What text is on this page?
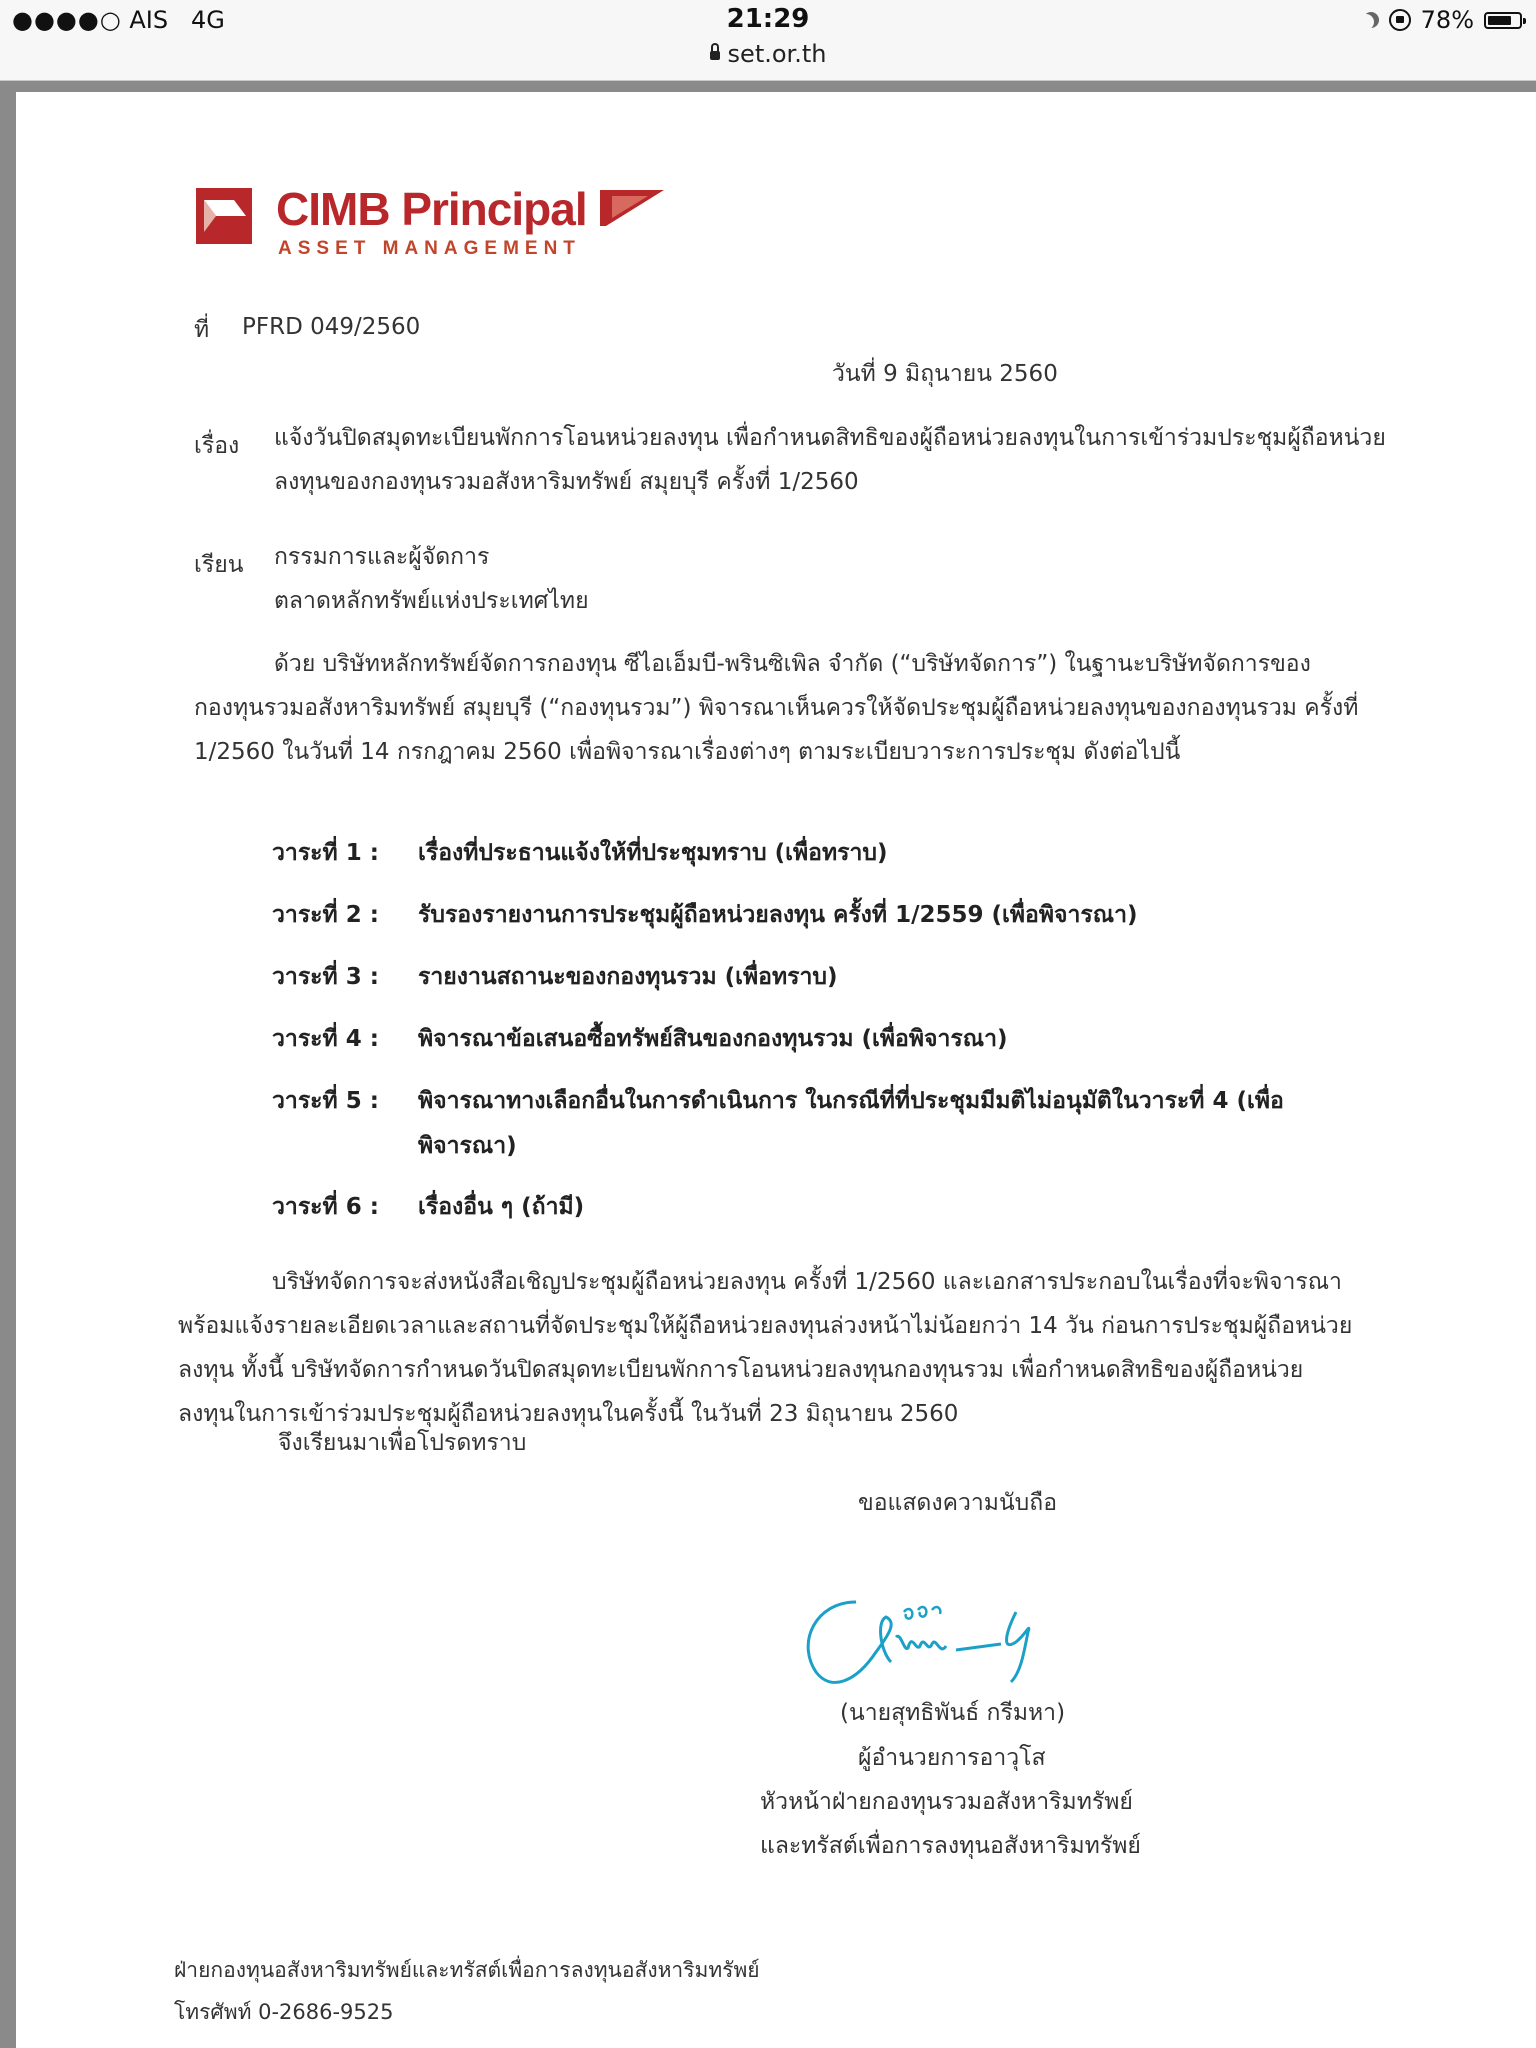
●●●●○ AIS 4G	21:29
set.or.th
78%
CIMB Principal
ASSET MANAGEMENT
ที่ PFRD 049/2560
วันที่ 9 มิถุนายน 2560
เรื่อง แจ้งวันปิดสมุดทะเบียนพักการโอนหน่วยลงทุน เพื่อกำหนดสิทธิของผู้ถือหน่วยลงทุนในการเข้าร่วมประชุมผู้ถือหน่วย
ลงทุนของกองทุนรวมอสังหาริมทรัพย์ สมุยบุรี ครั้งที่ 1/2560
เรียน กรรมการและผู้จัดการ
ตลาดหลักทรัพย์แห่งประเทศไทย
ด้วย บริษัทหลักทรัพย์จัดการกองทุน ซีไอเอ็มบี-พรินซิเพิล จำกัด (“บริษัทจัดการ”) ในฐานะบริษัทจัดการของ
กองทุนรวมอสังหาริมทรัพย์ สมุยบุรี (“กองทุนรวม”) พิจารณาเห็นควรให้จัดประชุมผู้ถือหน่วยลงทุนของกองทุนรวม ครั้งที่
1/2560 ในวันที่ 14 กรกฎาคม 2560 เพื่อพิจารณาเรื่องต่างๆ ตามระเบียบวาระการประชุม ดังต่อไปนี้
วาระที่ 1 : เรื่องที่ประธานแจ้งให้ที่ประชุมทราบ (เพื่อทราบ)
วาระที่ 2 : รับรองรายงานการประชุมผู้ถือหน่วยลงทุน ครั้งที่ 1/2559 (เพื่อพิจารณา)
วาระที่ 3 : รายงานสถานะของกองทุนรวม (เพื่อทราบ)
วาระที่ 4 : พิจารณาข้อเสนอซื้อทรัพย์สินของกองทุนรวม (เพื่อพิจารณา)
วาระที่ 5 : พิจารณาทางเลือกอื่นในการดำเนินการ ในกรณีที่ที่ประชุมมีมติไม่อนุมัติในวาระที่ 4 (เพื่อ
พิจารณา)
วาระที่ 6 : เรื่องอื่น ๆ (ถ้ามี)
บริษัทจัดการจะส่งหนังสือเชิญประชุมผู้ถือหน่วยลงทุน ครั้งที่ 1/2560 และเอกสารประกอบในเรื่องที่จะพิจารณา
พร้อมแจ้งรายละเอียดเวลาและสถานที่จัดประชุมให้ผู้ถือหน่วยลงทุนล่วงหน้าไม่น้อยกว่า 14 วัน ก่อนการประชุมผู้ถือหน่วย
ลงทุน ทั้งนี้ บริษัทจัดการกำหนดวันปิดสมุดทะเบียนพักการโอนหน่วยลงทุนกองทุนรวม เพื่อกำหนดสิทธิของผู้ถือหน่วย
ลงทุนในการเข้าร่วมประชุมผู้ถือหน่วยลงทุนในครั้งนี้ ในวันที่ 23 มิถุนายน 2560
จึงเรียนมาเพื่อโปรดทราบ
ขอแสดงความนับถือ
(นายสุทธิพันธ์ กรีมหา)
ผู้อำนวยการอาวุโส
หัวหน้าฝ่ายกองทุนรวมอสังหาริมทรัพย์
และทรัสต์เพื่อการลงทุนอสังหาริมทรัพย์
ฝ่ายกองทุนอสังหาริมทรัพย์และทรัสต์เพื่อการลงทุนอสังหาริมทรัพย์
โทรศัพท์ 0-2686-9525
